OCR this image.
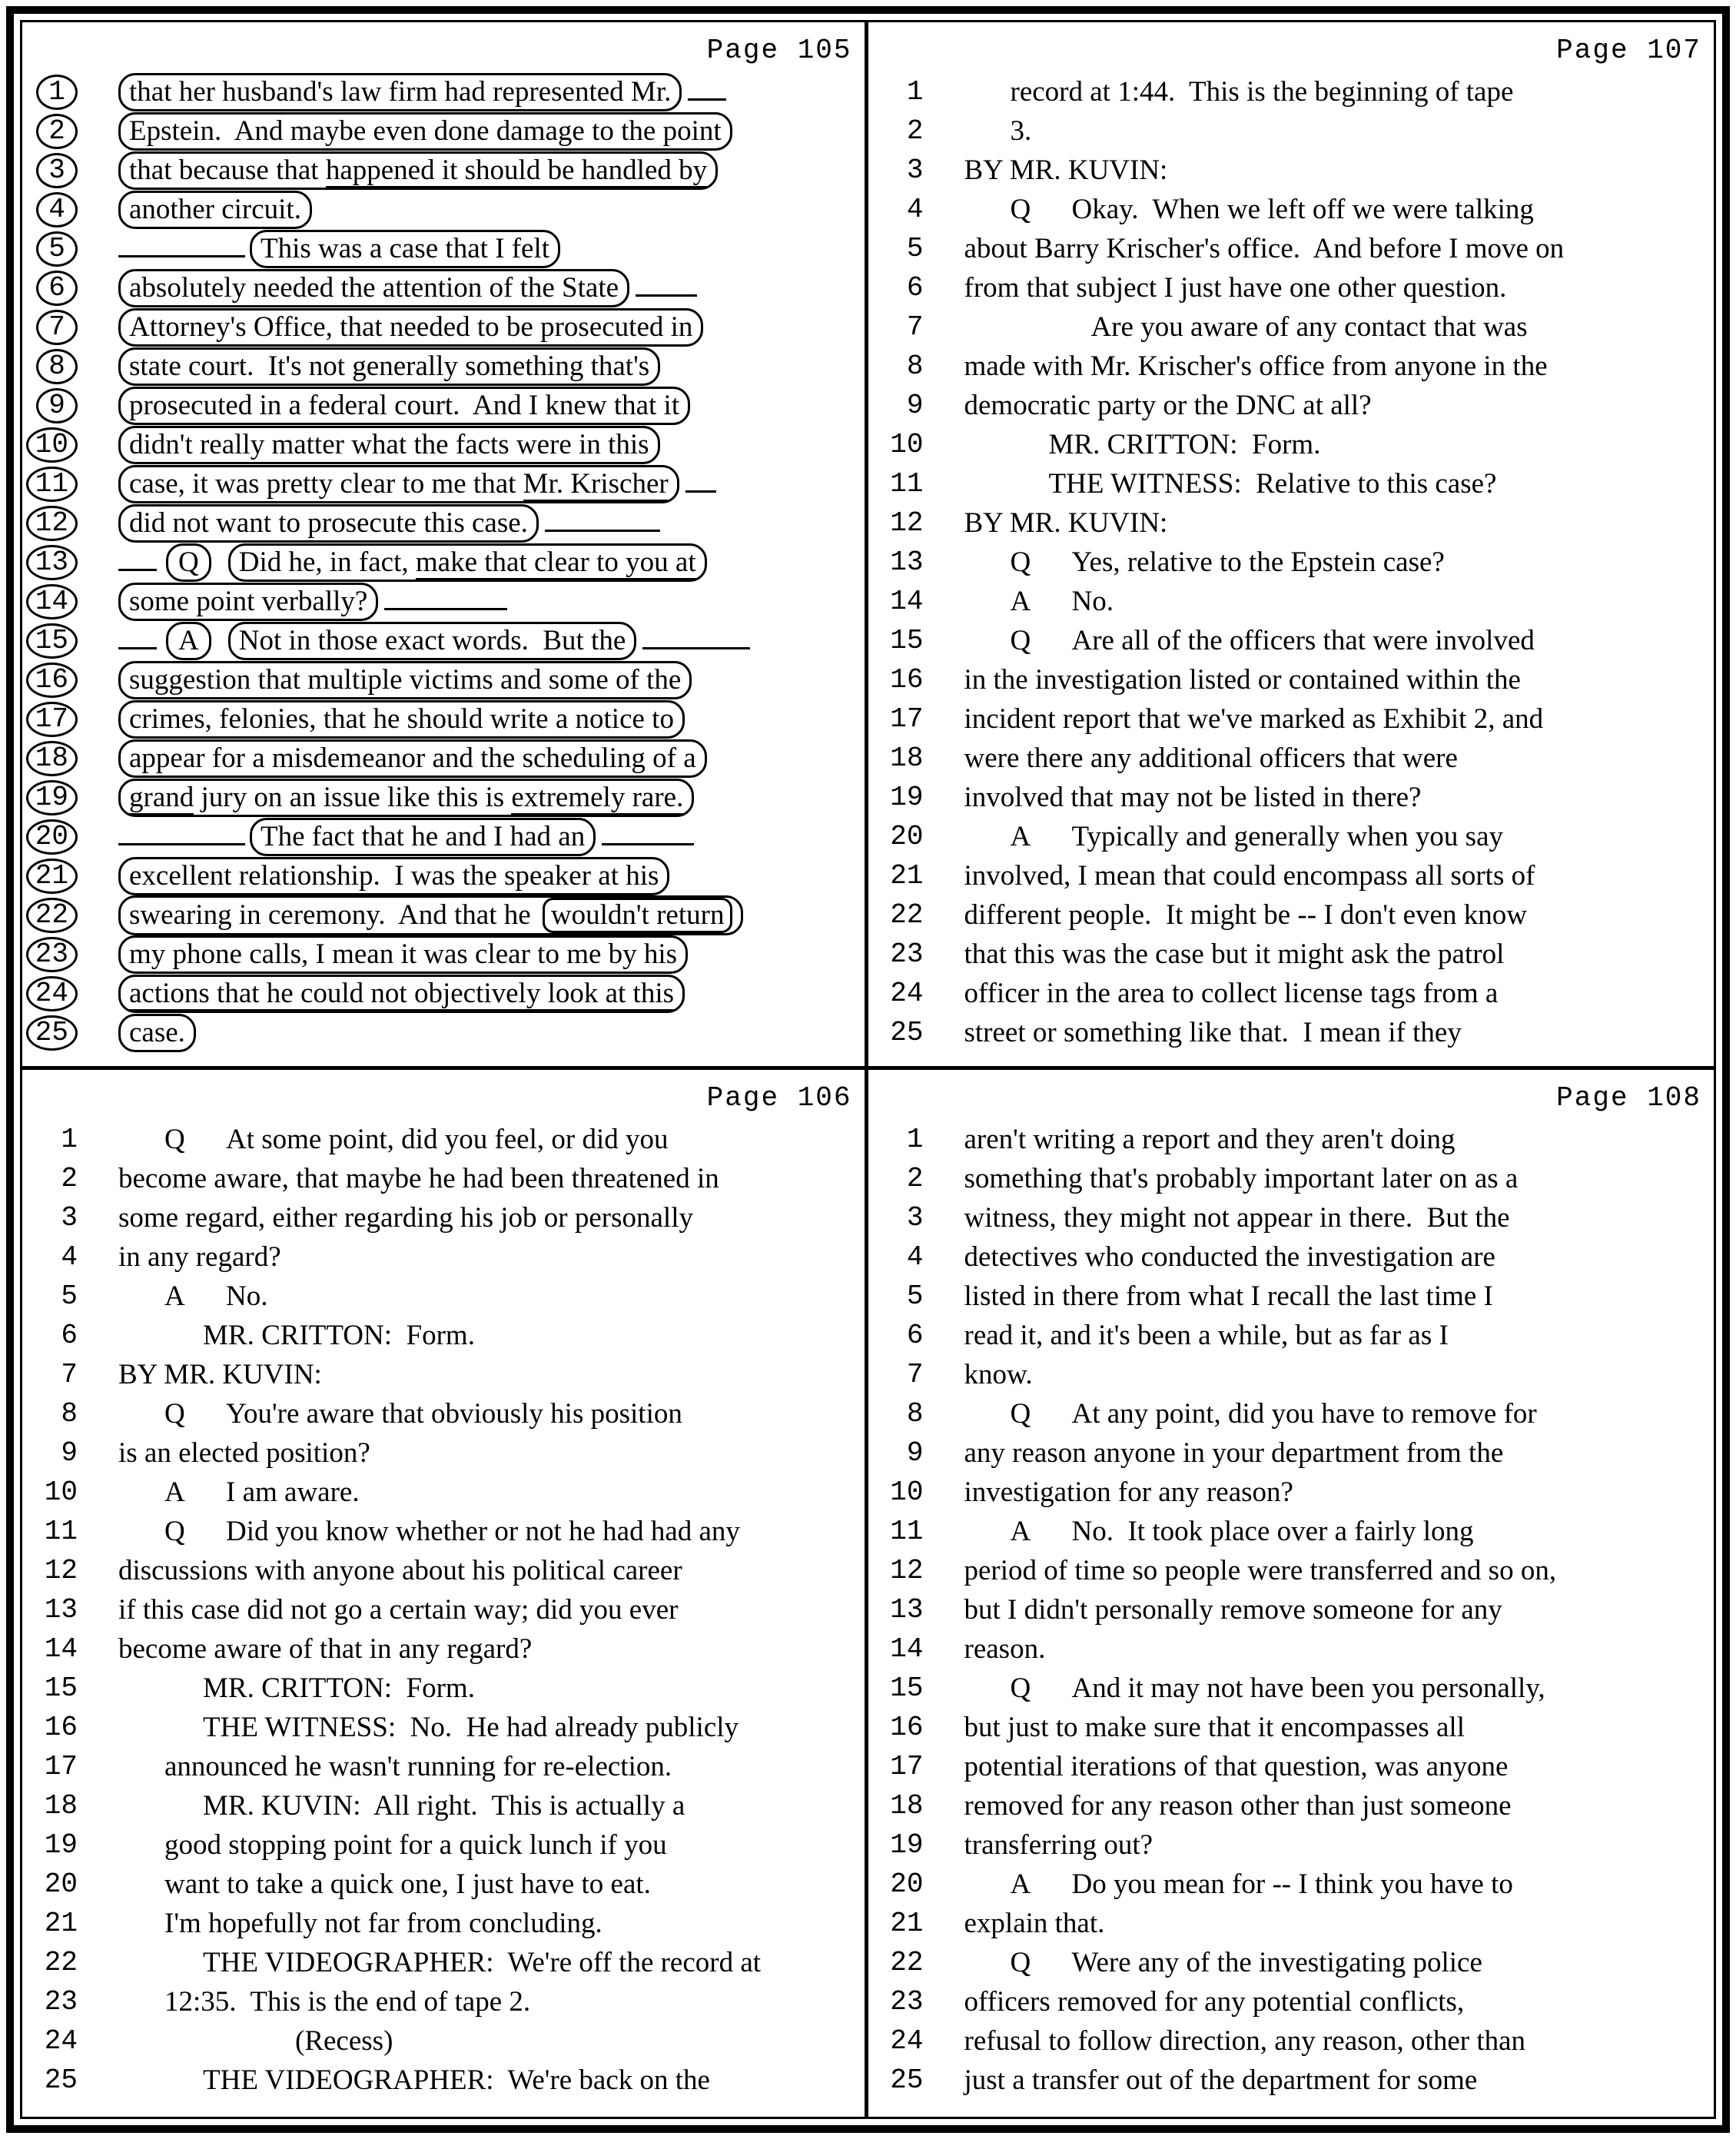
Page 105
1	that her husband's law firm had represented Mr.
2	Epstein.  And maybe even done damage to the point
3	that because that happened it should be handled by
4	another circuit.
5	This was a case that I felt
6	absolutely needed the attention of the State
7	Attorney's Office, that needed to be prosecuted in
8	state court.  It's not generally something that's
9	prosecuted in a federal court.  And I knew that it
10	didn't really matter what the facts were in this
11	case, it was pretty clear to me that Mr. Krischer
12	did not want to prosecute this case.
13	Q Did he, in fact, make that clear to you at
14	some point verbally?
15	A Not in those exact words.  But the
16	suggestion that multiple victims and some of the
17	crimes, felonies, that he should write a notice to
18	appear for a misdemeanor and the scheduling of a
19	grand jury on an issue like this is extremely rare.
20	The fact that he and I had an
21	excellent relationship.  I was the speaker at his
22	swearing in ceremony.  And that he wouldn't return
23	my phone calls, I mean it was clear to me by his
24	actions that he could not objectively look at this
25	case.
Page 107
1	record at 1:44.  This is the beginning of tape
2	3.
3 BY MR. KUVIN:
4	Q Okay.  When we left off we were talking
5 about Barry Krischer's office.  And before I move on
6 from that subject I just have one other question.
7	Are you aware of any contact that was
8 made with Mr. Krischer's office from anyone in the
9 democratic party or the DNC at all?
10	MR. CRITTON:  Form.
11	THE WITNESS:  Relative to this case?
12 BY MR. KUVIN:
13	Q Yes, relative to the Epstein case?
14	A No.
15	Q Are all of the officers that were involved
16 in the investigation listed or contained within the
17 incident report that we've marked as Exhibit 2, and
18 were there any additional officers that were
19 involved that may not be listed in there?
20	A Typically and generally when you say
21 involved, I mean that could encompass all sorts of
22 different people.  It might be -- I don't even know
23 that this was the case but it might ask the patrol
24 officer in the area to collect license tags from a
25 street or something like that.  I mean if they
Page 106
1	Q At some point, did you feel, or did you
2 become aware, that maybe he had been threatened in
3 some regard, either regarding his job or personally
4 in any regard?
5	A No.
6	MR. CRITTON:  Form.
7 BY MR. KUVIN:
8	Q You're aware that obviously his position
9 is an elected position?
10	A I am aware.
11	Q Did you know whether or not he had had any
12 discussions with anyone about his political career
13 if this case did not go a certain way; did you ever
14 become aware of that in any regard?
15	MR. CRITTON:  Form.
16	THE WITNESS:  No.  He had already publicly
17	announced he wasn't running for re-election.
18	MR. KUVIN:  All right.  This is actually a
19	good stopping point for a quick lunch if you
20	want to take a quick one, I just have to eat.
21	I'm hopefully not far from concluding.
22	THE VIDEOGRAPHER:  We're off the record at
23	12:35.  This is the end of tape 2.
24	(Recess)
25	THE VIDEOGRAPHER:  We're back on the
Page 108
1 aren't writing a report and they aren't doing
2 something that's probably important later on as a
3 witness, they might not appear in there.  But the
4 detectives who conducted the investigation are
5 listed in there from what I recall the last time I
6 read it, and it's been a while, but as far as I
7 know.
8	Q At any point, did you have to remove for
9 any reason anyone in your department from the
10 investigation for any reason?
11	A No.  It took place over a fairly long
12 period of time so people were transferred and so on,
13 but I didn't personally remove someone for any
14 reason.
15	Q And it may not have been you personally,
16 but just to make sure that it encompasses all
17 potential iterations of that question, was anyone
18 removed for any reason other than just someone
19 transferring out?
20	A Do you mean for -- I think you have to
21 explain that.
22	Q Were any of the investigating police
23 officers removed for any potential conflicts,
24 refusal to follow direction, any reason, other than
25 just a transfer out of the department for some
